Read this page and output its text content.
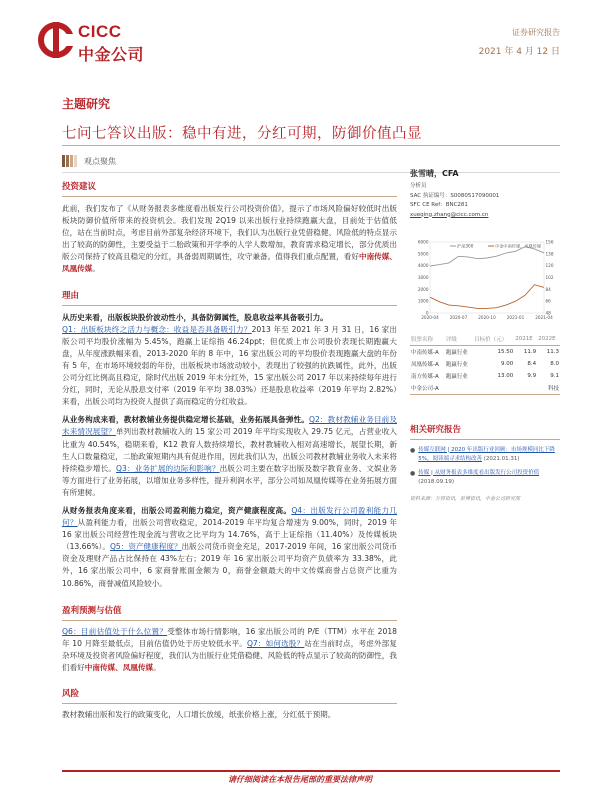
CICC
中金公司
证券研究报告
2021 年 4 月 12 日
主题研究
七问七答议出版：稳中有进，分红可期，防御价值凸显
观点聚焦
投资建议

此前，我们发布了《从财务报表多维度看出版发行公司投资价值》，提示了市场风险偏好较低时出版板块防御价值所带来的投资机会。我们发现 2Q19 以来出版行业持续跑赢大盘，目前处于估值低位，站在当前时点，考虑目前外部复杂经济环境下，我们认为出版行业凭借稳健、风险低的特点显示出了较高的防御性，主要受益于二胎政策和开学季的人学人数增加，教育需求稳定增长，部分优质出版公司保持了较高且稳定的分红，具备弱周期属性，攻守兼备。值得我们重点配置，看好中南传媒、凤凰传媒。

理由

从历史来看，出版板块股价波动性小，具备防御属性，股息收益率具备吸引力。
Q1：出版板块终之活力与概念：收益是否具备吸引力？2013 年至 2021 年 3 月 31 日，16 家出版公司平均股价涨幅为 5.45%，跑赢上证综指 46.24ppt；但优质上市公司股价表现长期跑赢大盘，从年度涨跌幅来看，2013-2020 年的 8 年中，16 家出版公司的平均股价表现跑赢大盘的年份有 5 年，在市场环境较弱的年份，出版板块市场波动较小，表现出了较强的抗跌属性，此外，出版公司分红比例高且稳定，除时代出版 2019 年未分红外，15 家出版公司 2017 年以来持续每年进行分红，同时，无论从股息支付率（2019 年平均 38.03%）还是股息收益率（2019 年平均 2.82%）来看，出版公司均为投资人提供了高而稳定的分红收益。

从业务构成来看，教材教辅业务提供稳定增长基础，业务拓展具备弹性。Q2：教材教辅业务目前及未来情况展望？单列出教材教辅收入的 15 家公司 2019 年平均实现收入 29.75 亿元，占营业收入比重为 40.54%，稳期来看，K12 教育人数持续增长，教材教辅收入相对高速增长，展望长期，新生人口数量稳定，二胎政策短期内具有促进作用，因此我们认为，出版公司教材教辅业务收入未来将持续稳步增长。Q3：业务扩展的边际和影响？出版公司主要在数字出版及数字教育业务、文娱业务等方面进行了业务拓展，以增加业务多样性，提升利润水平，部分公司如凤凰传媒等在业务拓展方面有所建树。

从财务报表角度来看，出版公司盈利能力稳定，资产健康程度高。Q4：出版发行公司盈利能力几何？从盈利能力看，出版公司营收稳定，2014-2019 年平均复合增速为 9.00%，同时，2019 年 16 家出版公司经营性现金流与营收之比平均为 14.76%，高于上证综指（11.40%）及传媒板块（13.66%）。Q5：资产健康程度？出版公司货币资金充足，2017-2019 年间，16 家出版公司货币资金及理财产品占比保持在 43%左右；2019 年 16 家出版公司平均资产负债率为 33.38%，此外，16 家出版公司中，6 家商誉账面金额为 0，商誉金额最大的中文传媒商誉占总资产比重为 10.86%，商誉减值风险较小。

盈利预测与估值

Q6：目前估值处于什么位置？受整体市场行情影响，16 家出版公司的 P/E（TTM）水平在 2018 年 10 月降至最低点，目前估值仍处于历史较低水平。Q7：如何选股？站在当前时点，考虑外部复杂环境及投资者风险偏好程度，我们认为出版行业凭借稳健、风险低的特点显示了较高的防御性，我们看好中南传媒、凤凰传媒。

风险

教材教辅出版和发行的政策变化，人口增长放缓，纸张价格上涨，分红低于预期。

张雪晴，CFA
分析员
SAC 执证编号：S0080517090001
SFC CE Ref：BNC281
xueqing.zhang@cicc.com.cn
6000
5000
4000
3000
2000
1000
0
156
138
120
102
84
66
48
2020-04	2020-07	2020-10	2021-01	2021-04
沪深300	中金中南传媒、凤凰传媒
股票名称	评级	目标价（元）	2021E	2022E
中南传媒-A	跑赢行业	15.50	11.9	11.3
凤凰传媒-A	跑赢行业	9.00	8.4	8.0
南方传媒-A	跑赢行业	13.00	9.9	9.1
中金公司-A				科技
相关研究报告
● 传媒互联网 | 2020 年出版行业回顾：市场规模同比下降 5%，阅读端寻求结构改善 (2021.01.31)
● 传媒 | 从财务报表多维度看出版发行公司投资价值 (2018.09.19)
资料来源：万得资讯，彭博资讯，中金公司研究部
请仔细阅读在本报告尾部的重要法律声明
